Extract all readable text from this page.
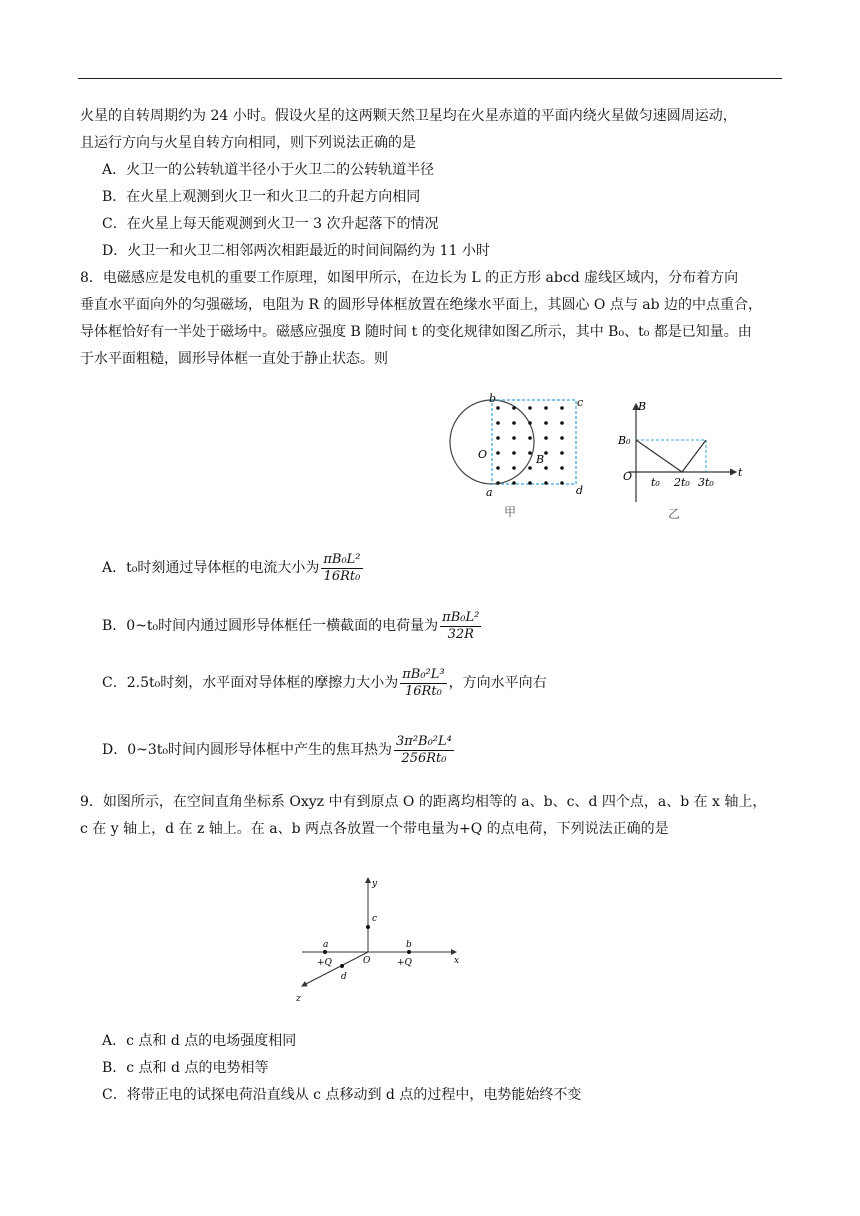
火星的自转周期约为 24 小时。假设火星的这两颗天然卫星均在火星赤道的平面内绕火星做匀速圆周运动，
且运行方向与火星自转方向相同，则下列说法正确的是
A．火卫一的公转轨道半径小于火卫二的公转轨道半径
B．在火星上观测到火卫一和火卫二的升起方向相同
C．在火星上每天能观测到火卫一 3 次升起落下的情况
D．火卫一和火卫二相邻两次相距最近的时间间隔约为 11 小时
8．电磁感应是发电机的重要工作原理，如图甲所示，在边长为 L 的正方形 abcd 虚线区域内，分布着方向
垂直水平面向外的匀强磁场，电阻为 R 的圆形导体框放置在绝缘水平面上，其圆心 O 点与 ab 边的中点重合，
导体框恰好有一半处于磁场中。磁感应强度 B 随时间 t 的变化规律如图乙所示，其中 B₀、t₀ 都是已知量。由
于水平面粗糙，圆形导体框一直处于静止状态。则
b	c
a	d
O	B
甲
B
B₀
O t₀ 2t₀ 3t₀
t
乙
A．t₀时刻通过导体框的电流大小为 $\frac{\text{πB₀L²}}{\text{16Rt₀}}$
B．0~t₀时间内通过圆形导体框任一横截面的电荷量为 $\frac{\text{πB₀L²}}{32R}$
C．2.5t₀时刻，水平面对导体框的摩擦力大小为 $\frac{\text{πB₀²L³}}{\text{16Rt₀}}$ ，方向水平向右
D．0~3t₀时间内圆形导体框中产生的焦耳热为 $\frac{\text{3π²B₀²L⁴}}{\text{256Rt₀}}$
9．如图所示，在空间直角坐标系 Oxyz 中有到原点 O 的距离均相等的 a、b、c、d 四个点，a、b 在 x 轴上，
c 在 y 轴上，d 在 z 轴上。在 a、b 两点各放置一个带电量为+Q 的点电荷，下列说法正确的是
y
c
a	b
O	x
z
d
+Q	+Q
A．c 点和 d 点的电场强度相同
B．c 点和 d 点的电势相等
C．将带正电的试探电荷沿直线从 c 点移动到 d 点的过程中，电势能始终不变
